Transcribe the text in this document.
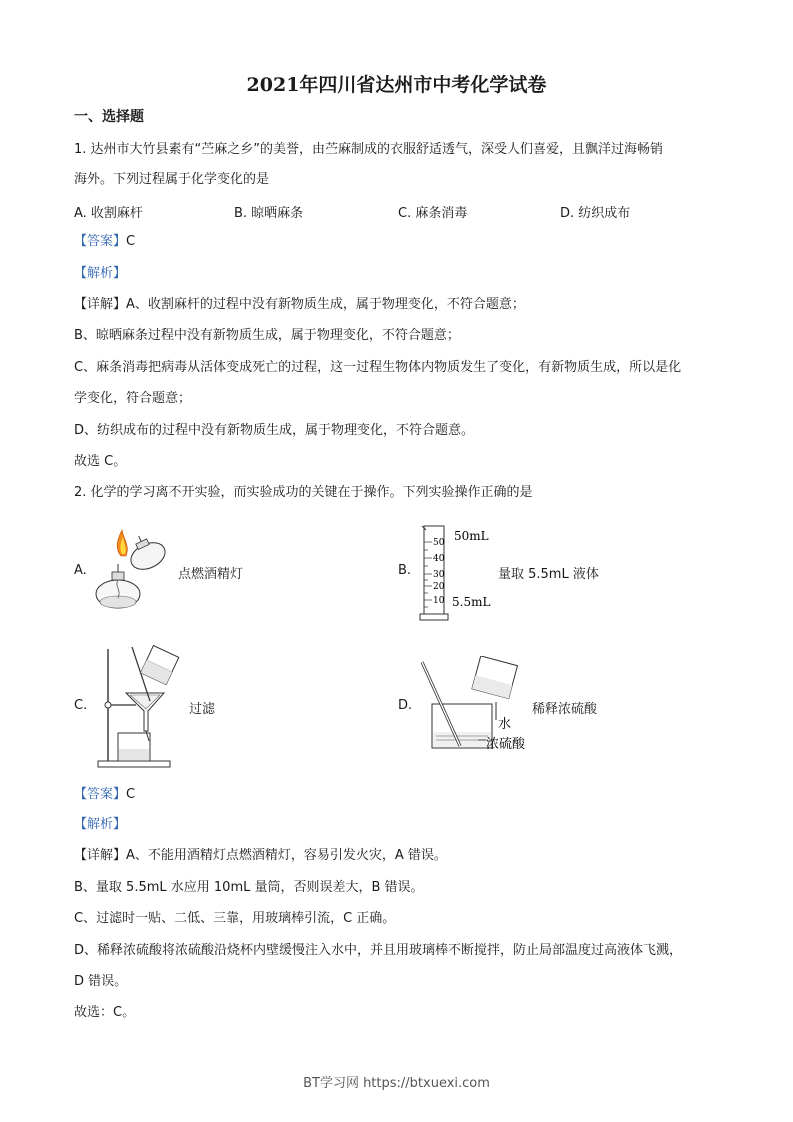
2021年四川省达州市中考化学试卷
一、选择题
1. 达州市大竹县素有“苎麻之乡”的美誉，由苎麻制成的衣服舒适透气，深受人们喜爱，且飘洋过海畅销
海外。下列过程属于化学变化的是
A. 收割麻杆	B. 晾晒麻条	C. 麻条消毒	D. 纺织成布
【答案】C
【解析】
【详解】A、收割麻杆的过程中没有新物质生成，属于物理变化，不符合题意；
B、晾晒麻条过程中没有新物质生成，属于物理变化，不符合题意；
C、麻条消毒把病毒从活体变成死亡的过程，这一过程生物体内物质发生了变化，有新物质生成，所以是化
学变化，符合题意；
D、纺织成布的过程中没有新物质生成，属于物理变化，不符合题意。
故选 C。
2. 化学的学习离不开实验，而实验成功的关键在于操作。下列实验操作正确的是
A.	点燃酒精灯	B.
50
40
30
20
10
50mL
5.5mL
量取 5.5mL 液体
C.	过滤	D.
水
浓硫酸
稀释浓硫酸
【答案】C
【解析】
【详解】A、不能用酒精灯点燃酒精灯，容易引发火灾，A 错误。
B、量取 5.5mL 水应用 10mL 量筒，否则误差大，B 错误。
C、过滤时一贴、二低、三靠，用玻璃棒引流，C 正确。
D、稀释浓硫酸将浓硫酸沿烧杯内壁缓慢注入水中，并且用玻璃棒不断搅拌，防止局部温度过高液体飞溅，
D 错误。
故选：C。
BT学习网 https://btxuexi.com
